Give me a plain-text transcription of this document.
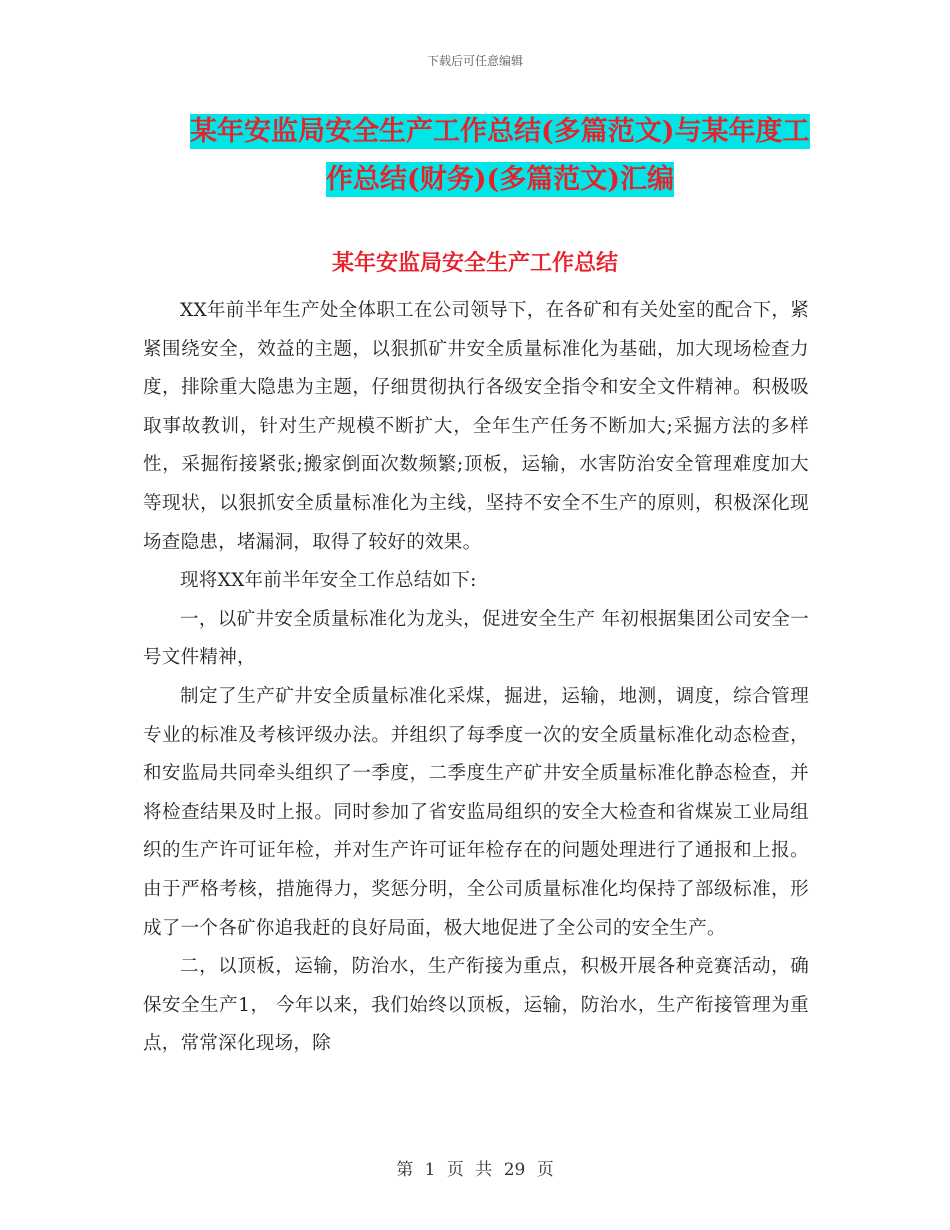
下载后可任意编辑
某年安监局安全生产工作总结(多篇范文)与某年度工
作总结(财务)(多篇范文)汇编
某年安监局安全生产工作总结

XX年前半年生产处全体职工在公司领导下，在各矿和有关处室的配合下，紧紧围绕安全，效益的主题，以狠抓矿井安全质量标准化为基础，加大现场检查力度，排除重大隐患为主题，仔细贯彻执行各级安全指令和安全文件精神。积极吸取事故教训，针对生产规模不断扩大，全年生产任务不断加大;采掘方法的多样性，采掘衔接紧张;搬家倒面次数频繁;顶板，运输，水害防治安全管理难度加大等现状，以狠抓安全质量标准化为主线，坚持不安全不生产的原则，积极深化现场查隐患，堵漏洞，取得了较好的效果。

现将XX年前半年安全工作总结如下:

一，以矿井安全质量标准化为龙头，促进安全生产 年初根据集团公司安全一号文件精神，

制定了生产矿井安全质量标准化采煤，掘进，运输，地测，调度，综合管理专业的标准及考核评级办法。并组织了每季度一次的安全质量标准化动态检查，和安监局共同牵头组织了一季度，二季度生产矿井安全质量标准化静态检查，并将检查结果及时上报。同时参加了省安监局组织的安全大检查和省煤炭工业局组织的生产许可证年检，并对生产许可证年检存在的问题处理进行了通报和上报。由于严格考核，措施得力，奖惩分明，全公司质量标准化均保持了部级标准，形成了一个各矿你追我赶的良好局面，极大地促进了全公司的安全生产。

二，以顶板，运输，防治水，生产衔接为重点，积极开展各种竞赛活动，确保安全生产1， 今年以来，我们始终以顶板，运输，防治水，生产衔接管理为重点，常常深化现场，除

第 1 页 共 29 页
